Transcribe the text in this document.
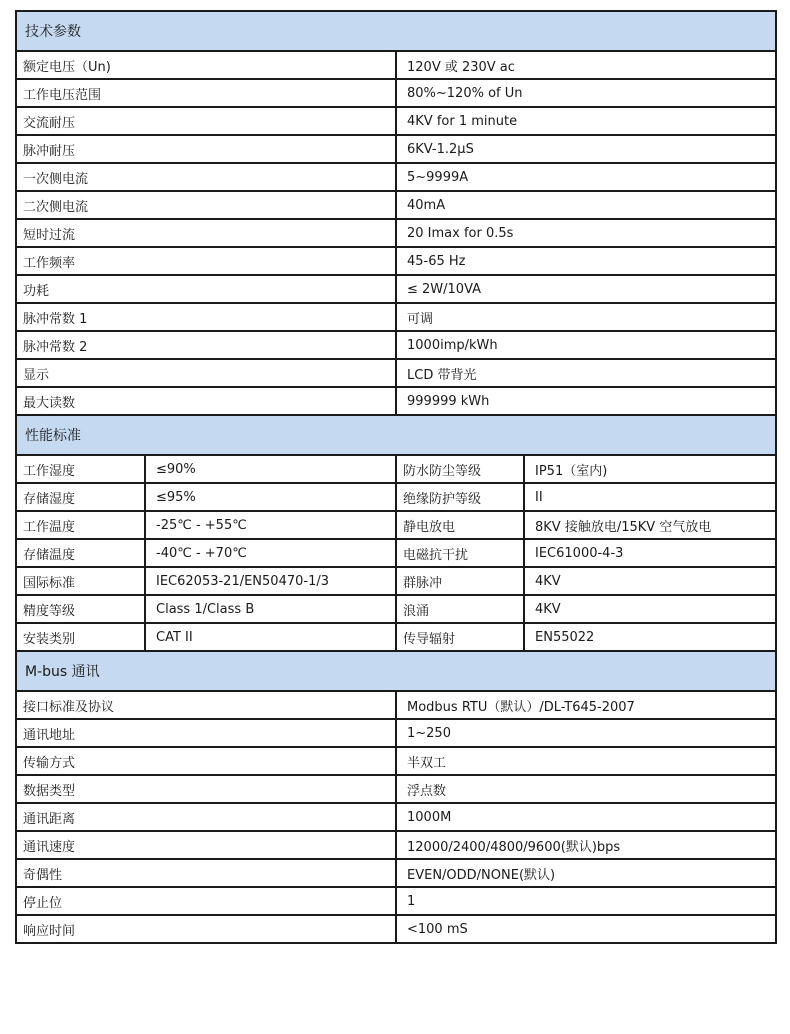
技术参数			
额定电压（Un)		120V 或 230V ac	
工作电压范围		80%~120% of Un	
交流耐压		4KV for 1 minute	
脉冲耐压		6KV-1.2μS	
一次侧电流		5~9999A	
二次侧电流		40mA	
短时过流		20 Imax for 0.5s	
工作频率		45-65 Hz	
功耗		≤ 2W/10VA	
脉冲常数 1		可调	
脉冲常数 2		1000imp/kWh	
显示		LCD 带背光	
最大读数		999999 kWh	
性能标准			
工作湿度	≤90%	防水防尘等级	IP51（室内)
存储湿度	≤95%	绝缘防护等级	II
工作温度	-25℃ - +55℃	静电放电	8KV 接触放电/15KV 空气放电
存储温度	-40℃ - +70℃	电磁抗干扰	IEC61000-4-3
国际标准	IEC62053-21/EN50470-1/3	群脉冲	4KV
精度等级	Class 1/Class B	浪涌	4KV
安装类别	CAT II	传导辐射	EN55022
M-bus 通讯			
接口标准及协议		Modbus RTU（默认）/DL-T645-2007	
通讯地址		1~250	
传输方式		半双工	
数据类型		浮点数	
通讯距离		1000M	
通讯速度		12000/2400/4800/9600(默认)bps	
奇偶性		EVEN/ODD/NONE(默认)	
停止位		1	
响应时间		<100 mS	
